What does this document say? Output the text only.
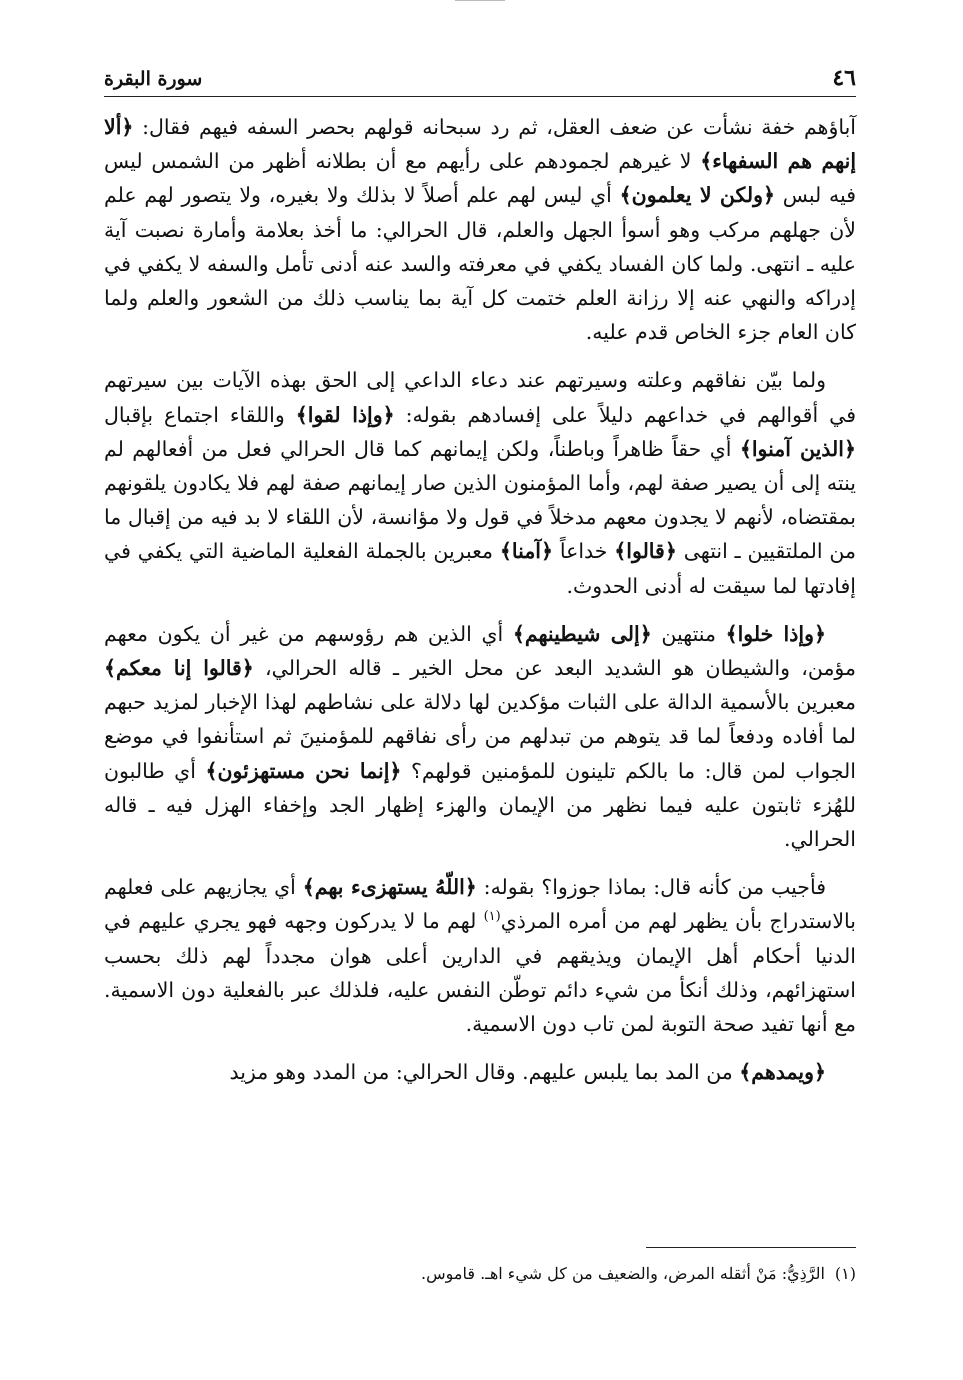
٤٦
سورة البقرة

آباؤهم خفة نشأت عن ضعف العقل، ثم رد سبحانه قولهم بحصر السفه فيهم فقال: ﴿ألا إنهم هم السفهاء﴾ لا غيرهم لجمودهم على رأيهم مع أن بطلانه أظهر من الشمس ليس فيه لبس ﴿ولكن لا يعلمون﴾ أي ليس لهم علم أصلاً لا بذلك ولا بغيره، ولا يتصور لهم علم لأن جهلهم مركب وهو أسوأ الجهل والعلم، قال الحرالي: ما أخذ بعلامة وأمارة نصبت آية عليه ـ انتهى. ولما كان الفساد يكفي في معرفته والسد عنه أدنى تأمل والسفه لا يكفي في إدراكه والنهي عنه إلا رزانة العلم ختمت كل آية بما يناسب ذلك من الشعور والعلم ولما كان العام جزء الخاص قدم عليه.

ولما بيّن نفاقهم وعلته وسيرتهم عند دعاء الداعي إلى الحق بهذه الآيات بين سيرتهم في أقوالهم في خداعهم دليلاً على إفسادهم بقوله: ﴿وإذا لقوا﴾ واللقاء اجتماع بإقبال ﴿الذين آمنوا﴾ أي حقاً ظاهراً وباطناً، ولكن إيمانهم كما قال الحرالي فعل من أفعالهم لم ينته إلى أن يصير صفة لهم، وأما المؤمنون الذين صار إيمانهم صفة لهم فلا يكادون يلقونهم بمقتضاه، لأنهم لا يجدون معهم مدخلاً في قول ولا مؤانسة، لأن اللقاء لا بد فيه من إقبال ما من الملتقيين ـ انتهى ﴿قالوا﴾ خداعاً ﴿آمنا﴾ معبرين بالجملة الفعلية الماضية التي يكفي في إفادتها لما سيقت له أدنى الحدوث.

﴿وإذا خلوا﴾ منتهين ﴿إلى شيطينهم﴾ أي الذين هم رؤوسهم من غير أن يكون معهم مؤمن، والشيطان هو الشديد البعد عن محل الخير ـ قاله الحرالي، ﴿قالوا إنا معكم﴾ معبرين بالأسمية الدالة على الثبات مؤكدين لها دلالة على نشاطهم لهذا الإخبار لمزيد حبهم لما أفاده ودفعاً لما قد يتوهم من تبدلهم من رأى نفاقهم للمؤمنينَ ثم استأنفوا في موضع الجواب لمن قال: ما بالكم تلينون للمؤمنين قولهم؟ ﴿إنما نحن مستهزئون﴾ أي طالبون للهُزء ثابتون عليه فيما نظهر من الإيمان والهزء إظهار الجد وإخفاء الهزل فيه ـ قاله الحرالي.

فأجيب من كأنه قال: بماذا جوزوا؟ بقوله: ﴿اللّهُ يستهزىء بهم﴾ أي يجازيهم على فعلهم بالاستدراج بأن يظهر لهم من أمره المرذي$^{(١)}$ لهم ما لا يدركون وجهه فهو يجري عليهم في الدنيا أحكام أهل الإيمان ويذيقهم في الدارين أعلى هوان مجدداً لهم ذلك بحسب استهزائهم، وذلك أنكأ من شيء دائم توطّن النفس عليه، فلذلك عبر بالفعلية دون الاسمية. مع أنها تفيد صحة التوبة لمن تاب دون الاسمية.

﴿ويمدهم﴾ من المد بما يلبس عليهم. وقال الحرالي: من المدد وهو مزيد

(١)الرَّذِيُّ: مَنْ أثقله المرض، والضعيف من كل شيء اهـ. قاموس.
